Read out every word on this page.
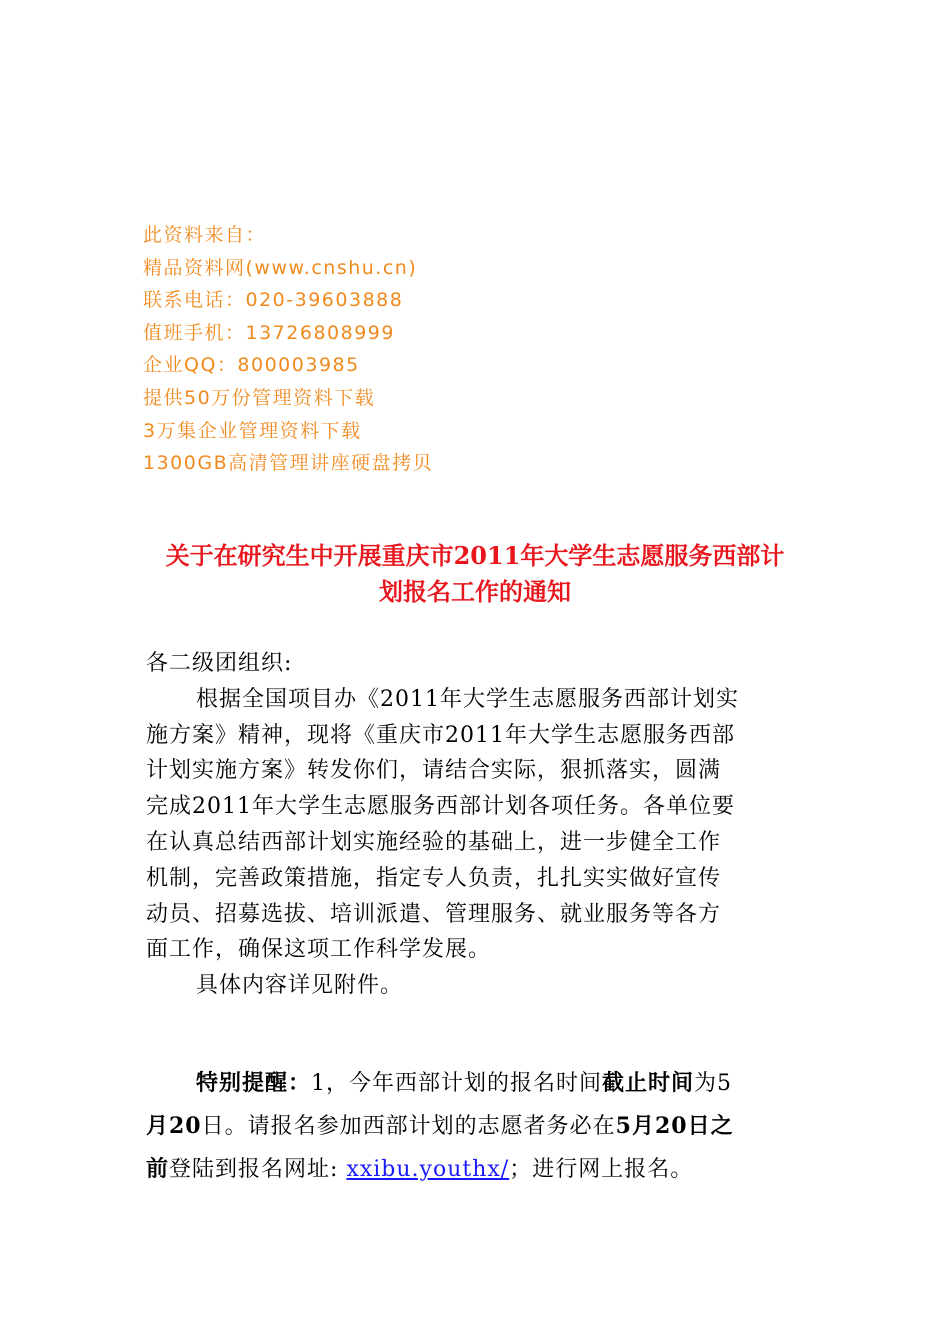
此资料来自：
精品资料网(www.cnshu.cn)
联系电话：020-39603888
值班手机：13726808999
企业QQ：800003985
提供50万份管理资料下载
3万集企业管理资料下载
1300GB高清管理讲座硬盘拷贝
关于在研究生中开展重庆市2011年大学生志愿服务西部计
划报名工作的通知
各二级团组织:
根据全国项目办《2011年大学生志愿服务西部计划实
施方案》精神，现将《重庆市2011年大学生志愿服务西部
计划实施方案》转发你们，请结合实际，狠抓落实，圆满
完成2011年大学生志愿服务西部计划各项任务。各单位要
在认真总结西部计划实施经验的基础上，进一步健全工作
机制，完善政策措施，指定专人负责，扎扎实实做好宣传
动员、招募选拔、培训派遣、管理服务、就业服务等各方
面工作，确保这项工作科学发展。
具体内容详见附件。
特别提醒：1，今年西部计划的报名时间截止时间为5
月20日。请报名参加西部计划的志愿者务必在5月20日之
前登陆到报名网址: xxibu.youthx/；进行网上报名。
